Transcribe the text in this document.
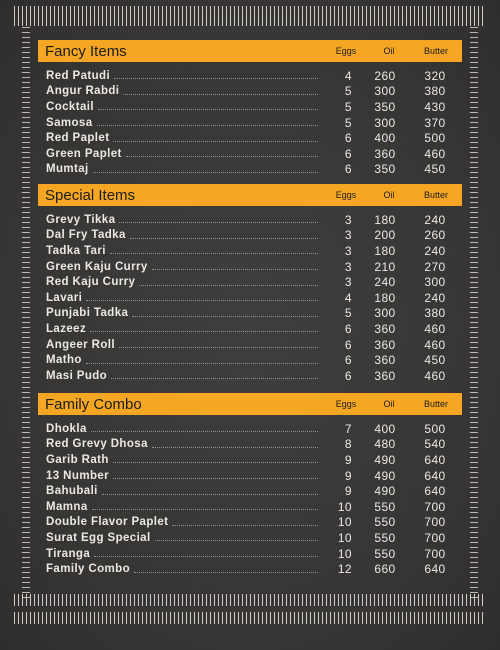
Fancy Items	Eggs	Oil	Butter
Red Patudi	4	260	320
Angur Rabdi	5	300	380
Cocktail	5	350	430
Samosa	5	300	370
Red Paplet	6	400	500
Green Paplet	6	360	460
Mumtaj	6	350	450
Special Items	Eggs	Oil	Butter
Grevy Tikka	3	180	240
Dal Fry Tadka	3	200	260
Tadka Tari	3	180	240
Green Kaju Curry	3	210	270
Red Kaju Curry	3	240	300
Lavari	4	180	240
Punjabi Tadka	5	300	380
Lazeez	6	360	460
Angeer Roll	6	360	460
Matho	6	360	450
Masi Pudo	6	360	460
Family Combo	Eggs	Oil	Butter
Dhokla	7	400	500
Red Grevy Dhosa	8	480	540
Garib Rath	9	490	640
13 Number	9	490	640
Bahubali	9	490	640
Mamna	10	550	700
Double Flavor Paplet	10	550	700
Surat Egg Special	10	550	700
Tiranga	10	550	700
Family Combo	12	660	640
